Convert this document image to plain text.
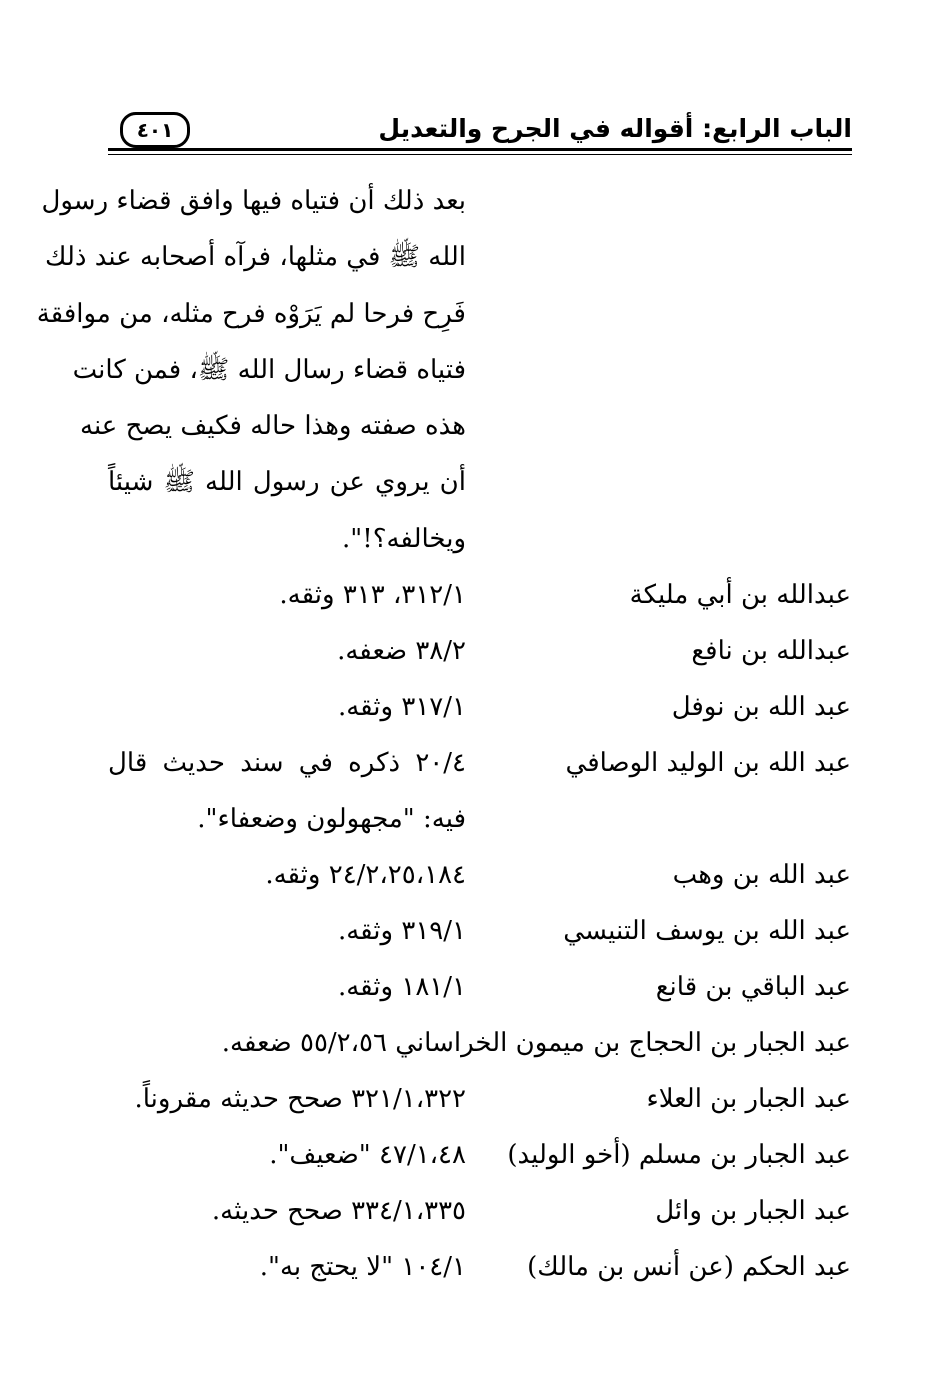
الباب الرابع: أقواله في الجرح والتعديل
٤٠١
بعد ذلك أن فتياه فيها وافق قضاء رسول
الله ﷺ في مثلها، فرآه أصحابه عند ذلك
فَرِح فرحا لم يَرَوْه فرح مثله، من موافقة
فتياه قضاء رسال الله ﷺ، فمن كانت
هذه صفته وهذا حاله فكيف يصح عنه
أن يروي عن رسول الله ﷺ شيئاً
ويخالفه؟!".
عبدالله بن أبي مليكة
٣١٢/١، ٣١٣ وثقه.
عبدالله بن نافع
٣٨/٢ ضعفه.
عبد الله بن نوفل
٣١٧/١ وثقه.
عبد الله بن الوليد الوصافي
٢٠/٤ ذكره في سند حديث قال
فيه: "مجهولون وضعفاء".
عبد الله بن وهب
٢٤/٢،٢٥،١٨٤ وثقه.
عبد الله بن يوسف التنيسي
٣١٩/١ وثقه.
عبد الباقي بن قانع
١٨١/١ وثقه.
عبد الجبار بن الحجاج بن ميمون الخراساني ٥٥/٢،٥٦ ضعفه.
عبد الجبار بن العلاء
٣٢١/١،٣٢٢ صحح حديثه مقروناً.
عبد الجبار بن مسلم (أخو الوليد)
٤٧/١،٤٨ "ضعيف".
عبد الجبار بن وائل
٣٣٤/١،٣٣٥ صحح حديثه.
عبد الحكم (عن أنس بن مالك)
١٠٤/١ "لا يحتج به".
